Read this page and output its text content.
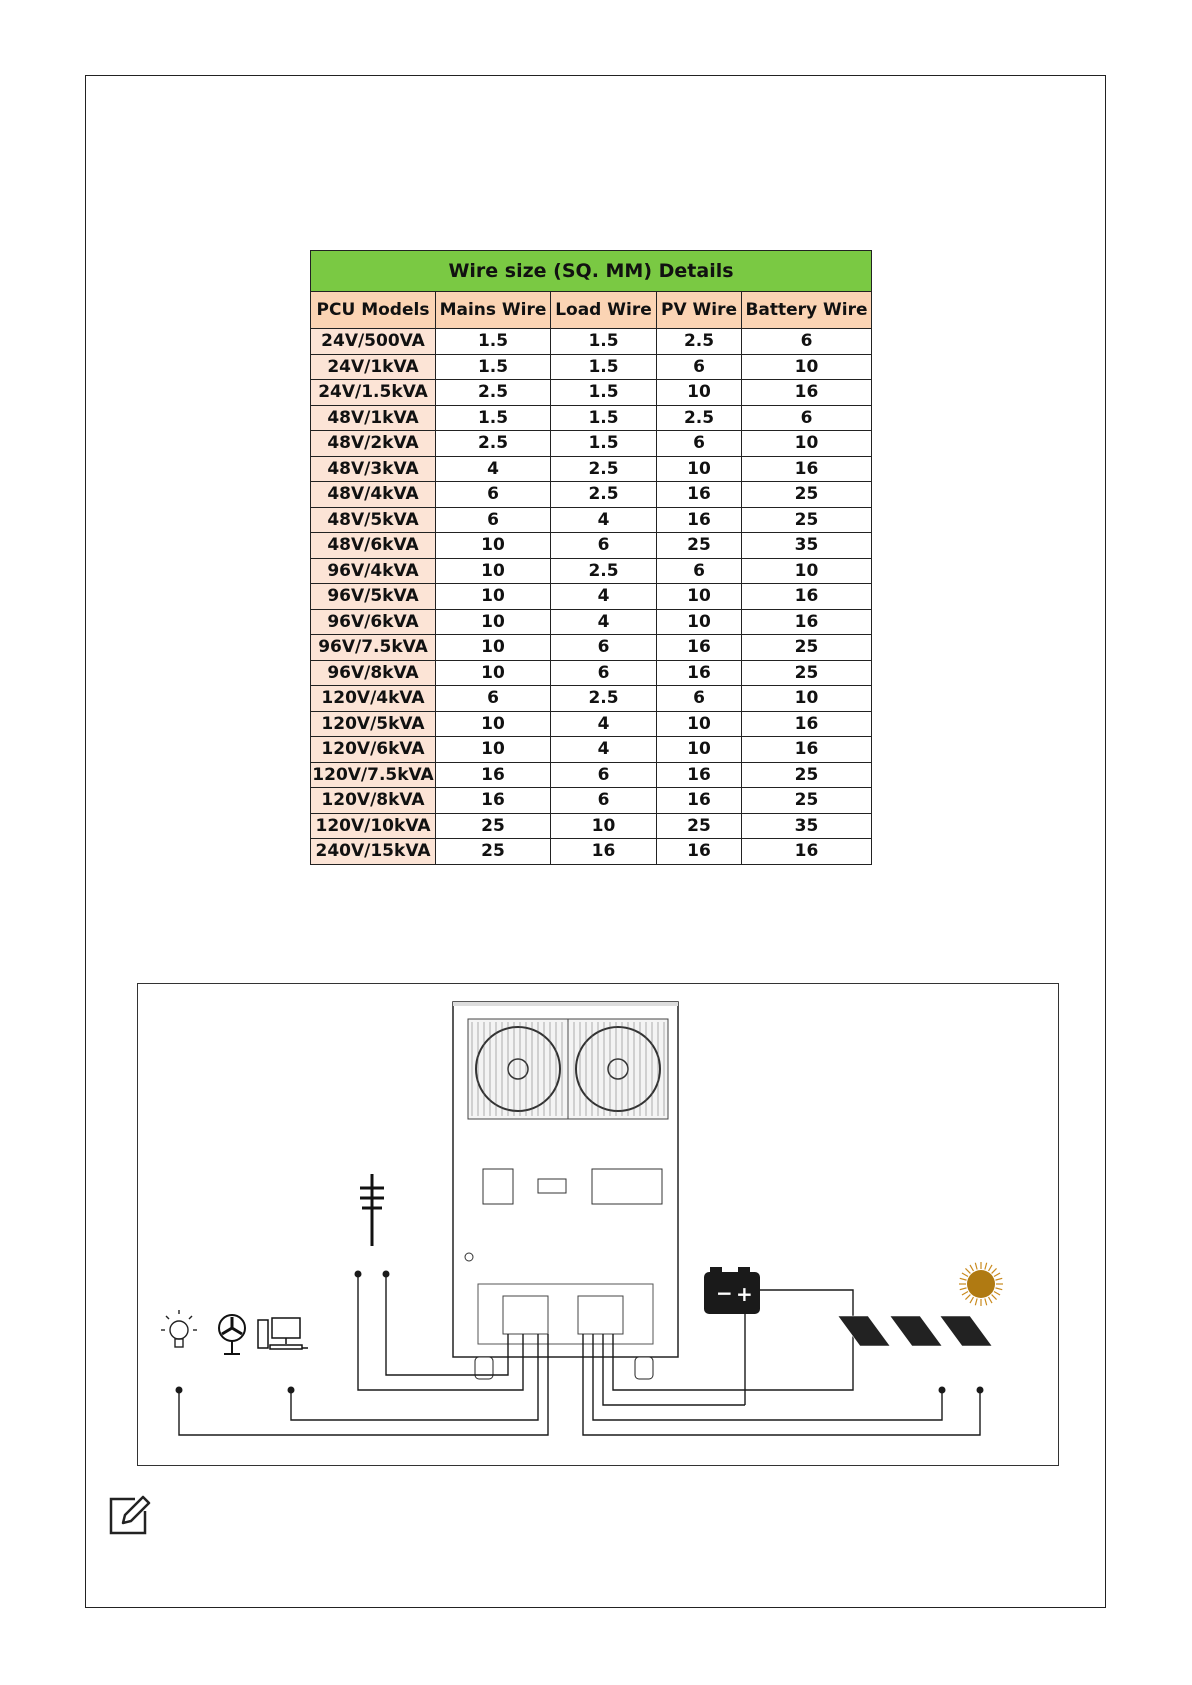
Wire size (SQ. MM) Details				
PCU Models	Mains Wire	Load Wire	PV Wire	Battery Wire
24V/500VA	1.5	1.5	2.5	6
24V/1kVA	1.5	1.5	6	10
24V/1.5kVA	2.5	1.5	10	16
48V/1kVA	1.5	1.5	2.5	6
48V/2kVA	2.5	1.5	6	10
48V/3kVA	4	2.5	10	16
48V/4kVA	6	2.5	16	25
48V/5kVA	6	4	16	25
48V/6kVA	10	6	25	35
96V/4kVA	10	2.5	6	10
96V/5kVA	10	4	10	16
96V/6kVA	10	4	10	16
96V/7.5kVA	10	6	16	25
96V/8kVA	10	6	16	25
120V/4kVA	6	2.5	6	10
120V/5kVA	10	4	10	16
120V/6kVA	10	4	10	16
120V/7.5kVA	16	6	16	25
120V/8kVA	16	6	16	25
120V/10kVA	25	10	25	35
240V/15kVA	25	16	16	16
− +
